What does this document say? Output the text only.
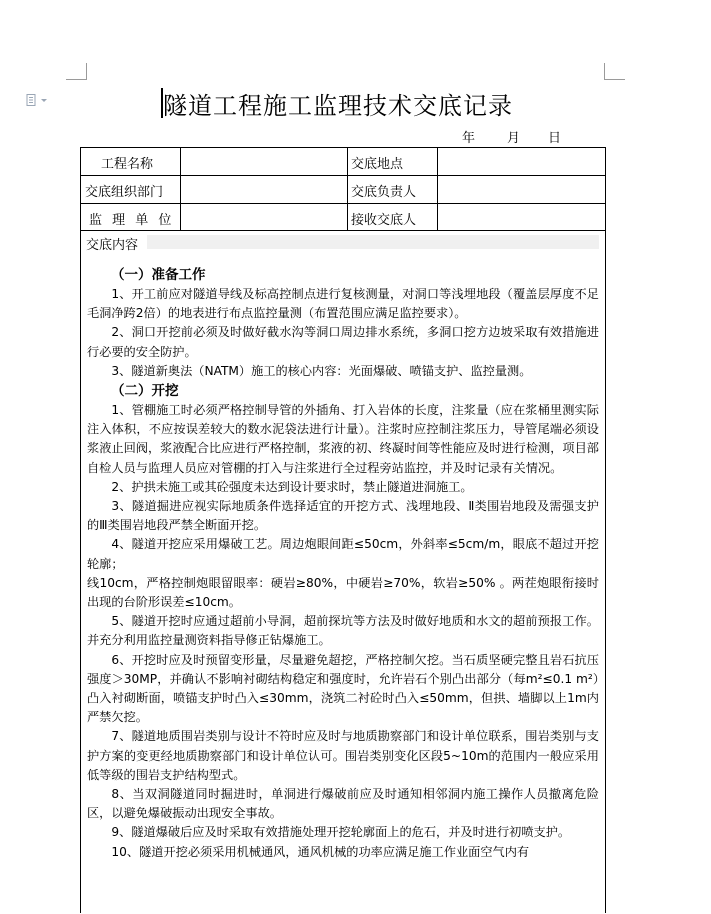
隧道工程施工监理技术交底记录
年 月 日
工程名称	交底地点
交底组织部门	交底负责人
监 理 单 位	接收交底人
交底内容
（一）准备工作

1、开工前应对隧道导线及标高控制点进行复核测量，对洞口等浅埋地段（覆盖层厚度不足毛洞净跨2倍）的地表进行布点监控量测（布置范围应满足监控要求）。

2、洞口开挖前必须及时做好截水沟等洞口周边排水系统，多洞口挖方边坡采取有效措施进行必要的安全防护。

3、隧道新奥法（NATM）施工的核心内容：光面爆破、喷锚支护、监控量测。

（二）开挖

1、管棚施工时必须严格控制导管的外插角、打入岩体的长度，注浆量（应在浆桶里测实际注入体积，不应按误差较大的数水泥袋法进行计量）。注浆时应控制注浆压力，导管尾端必须设浆液止回阀，浆液配合比应进行严格控制，浆液的初、终凝时间等性能应及时进行检测，项目部自检人员与监理人员应对管棚的打入与注浆进行全过程旁站监控，并及时记录有关情况。

2、护拱未施工或其砼强度未达到设计要求时，禁止隧道进洞施工。

3、隧道掘进应视实际地质条件选择适宜的开挖方式、浅埋地段、Ⅱ类围岩地段及需强支护的Ⅲ类围岩地段严禁全断面开挖。

4、隧道开挖应采用爆破工艺。周边炮眼间距≤50cm，外斜率≤5cm/m，眼底不超过开挖轮廓；

线10cm，严格控制炮眼留眼率：硬岩≥80%，中硬岩≥70%，软岩≥50% 。两茬炮眼衔接时出现的台阶形误差≤10cm。

5、隧道开挖时应通过超前小导洞，超前探坑等方法及时做好地质和水文的超前预报工作。并充分利用监控量测资料指导修正钻爆施工。

6、开挖时应及时预留变形量，尽量避免超挖，严格控制欠挖。当石质坚硬完整且岩石抗压强度＞30MP，并确认不影响衬砌结构稳定和强度时，允许岩石个别凸出部分（每m²≤0.1 m²）凸入衬砌断面，喷锚支护时凸入≤30mm，浇筑二衬砼时凸入≤50mm，但拱、墙脚以上1m内严禁欠挖。

7、隧道地质围岩类别与设计不符时应及时与地质勘察部门和设计单位联系，围岩类别与支护方案的变更经地质勘察部门和设计单位认可。围岩类别变化区段5~10m的范围内一般应采用低等级的围岩支护结构型式。

8、当双洞隧道同时掘进时，单洞进行爆破前应及时通知相邻洞内施工操作人员撤离危险区，以避免爆破振动出现安全事故。

9、隧道爆破后应及时采取有效措施处理开挖轮廓面上的危石，并及时进行初喷支护。

10、隧道开挖必须采用机械通风，通风机械的功率应满足施工作业面空气内有
